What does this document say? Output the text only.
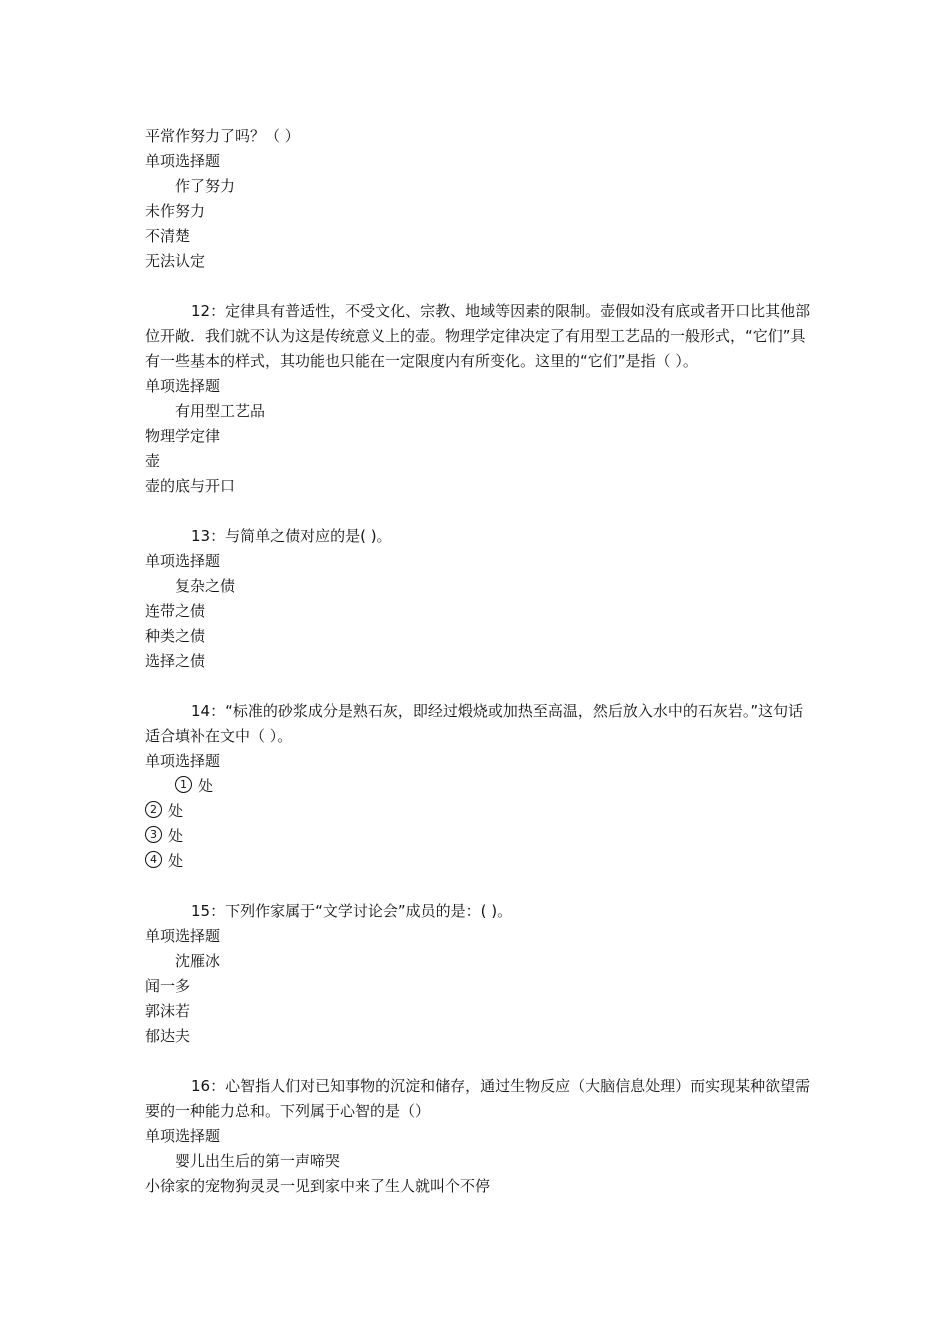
平常作努力了吗？（ ）
单项选择题
作了努力
未作努力
不清楚
无法认定
12：定律具有普适性，不受文化、宗教、地域等因素的限制。壶假如没有底或者开口比其他部位开敞．我们就不认为这是传统意义上的壶。物理学定律决定了有用型工艺品的一般形式，“它们”具有一些基本的样式，其功能也只能在一定限度内有所变化。这里的“它们”是指（ ）。
单项选择题
有用型工艺品
物理学定律
壶
壶的底与开口
13：与简单之债对应的是( )。
单项选择题
复杂之债
连带之债
种类之债
选择之债
14：“标准的砂浆成分是熟石灰，即经过煅烧或加热至高温，然后放入水中的石灰岩。”这句话适合填补在文中（ ）。
单项选择题
1 处
2 处
3 处
4 处
15：下列作家属于“文学讨论会”成员的是：( )。
单项选择题
沈雁冰
闻一多
郭沫若
郁达夫
16：心智指人们对已知事物的沉淀和储存，通过生物反应（大脑信息处理）而实现某种欲望需要的一种能力总和。下列属于心智的是（）
单项选择题
婴儿出生后的第一声啼哭
小徐家的宠物狗灵灵一见到家中来了生人就叫个不停
